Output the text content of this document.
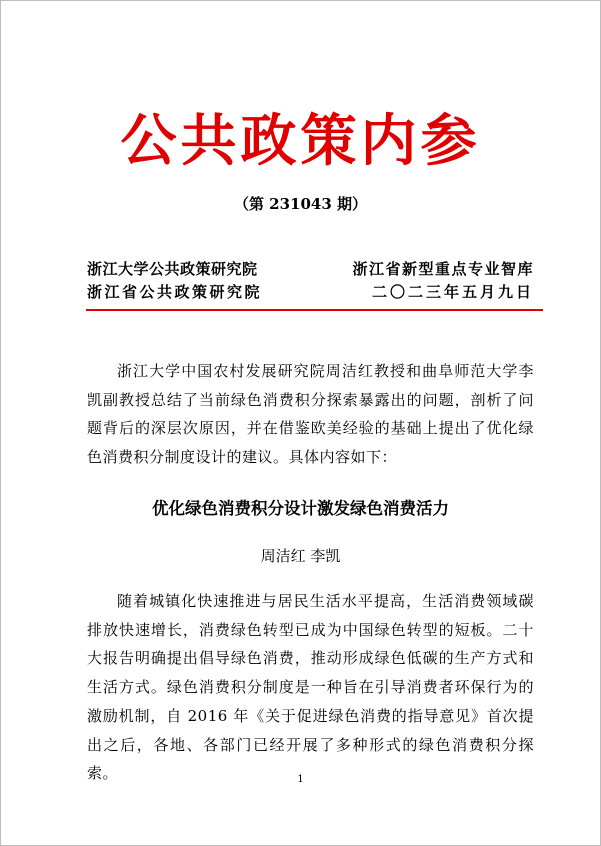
公共政策内参
（第 231043 期）
浙江大学公共政策研究院
浙江省公共政策研究院
浙江省新型重点专业智库
二〇二三年五月九日
浙江大学中国农村发展研究院周洁红教授和曲阜师范大学李凯副教授总结了当前绿色消费积分探索暴露出的问题，剖析了问题背后的深层次原因，并在借鉴欧美经验的基础上提出了优化绿色消费积分制度设计的建议。具体内容如下：
优化绿色消费积分设计激发绿色消费活力
周洁红 李凯
随着城镇化快速推进与居民生活水平提高，生活消费领域碳排放快速增长，消费绿色转型已成为中国绿色转型的短板。二十大报告明确提出倡导绿色消费，推动形成绿色低碳的生产方式和生活方式。绿色消费积分制度是一种旨在引导消费者环保行为的激励机制，自 2016 年《关于促进绿色消费的指导意见》首次提出之后，各地、各部门已经开展了多种形式的绿色消费积分探索。	1
